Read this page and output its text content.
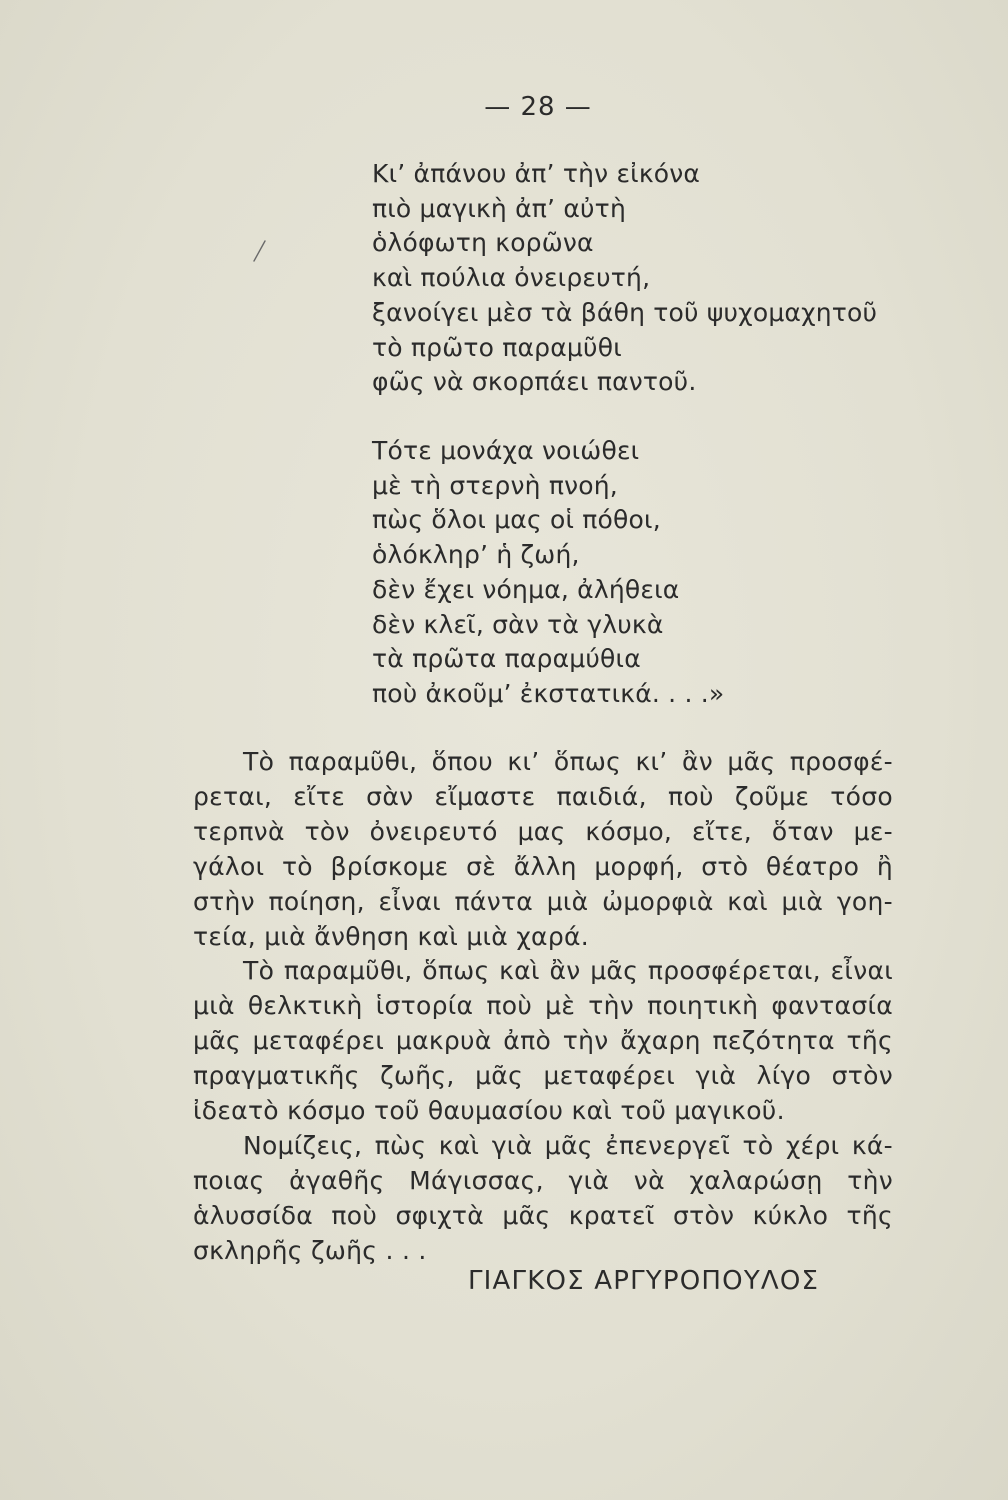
— 28 —
Κι’ ἀπάνου ἀπ’ τὴν εἰκόνα
πιὸ μαγικὴ ἀπ’ αὐτὴ
ὁλόφωτη κορῶνα
καὶ πούλια ὀνειρευτή,
ξανοίγει μὲσ τὰ βάθη τοῦ ψυχομαχητοῦ
τὸ πρῶτο παραμῦθι
φῶς νὰ σκορπάει παντοῦ.
Τότε μονάχα νοιώθει
μὲ τὴ στερνὴ πνοή,
πὼς ὅλοι μας οἱ πόθοι,
ὁλόκληρ’ ἡ ζωή,
δὲν ἔχει νόημα, ἀλήθεια
δὲν κλεῖ, σὰν τὰ γλυκὰ
τὰ πρῶτα παραμύθια
ποὺ ἀκοῦμ’ ἐκστατικά. . . .»
Τὸ παραμῦθι, ὅπου κι’ ὅπως κι’ ἂν μᾶς προσφέ-
ρεται, εἴτε σὰν εἴμαστε παιδιά, ποὺ ζοῦμε τόσο
τερπνὰ τὸν ὀνειρευτό μας κόσμο, εἴτε, ὅταν με-
γάλοι τὸ βρίσκομε σὲ ἄλλη μορφή, στὸ θέατρο ἢ
στὴν ποίηση, εἶναι πάντα μιὰ ὠμορφιὰ καὶ μιὰ γοη-
τεία, μιὰ ἄνθηση καὶ μιὰ χαρά.
Τὸ παραμῦθι, ὅπως καὶ ἂν μᾶς προσφέρεται, εἶναι
μιὰ θελκτικὴ ἱστορία ποὺ μὲ τὴν ποιητικὴ φαντασία
μᾶς μεταφέρει μακρυὰ ἀπὸ τὴν ἄχαρη πεζότητα τῆς
πραγματικῆς ζωῆς, μᾶς μεταφέρει γιὰ λίγο στὸν
ἰδεατὸ κόσμο τοῦ θαυμασίου καὶ τοῦ μαγικοῦ.
Νομίζεις, πὼς καὶ γιὰ μᾶς ἐπενεργεῖ τὸ χέρι κά-
ποιας ἀγαθῆς Μάγισσας, γιὰ νὰ χαλαρώσῃ τὴν
ἁλυσσίδα ποὺ σφιχτὰ μᾶς κρατεῖ στὸν κύκλο τῆς
σκληρῆς ζωῆς . . .
ΓΙΑΓΚΟΣ ΑΡΓΥΡΟΠΟΥΛΟΣ
